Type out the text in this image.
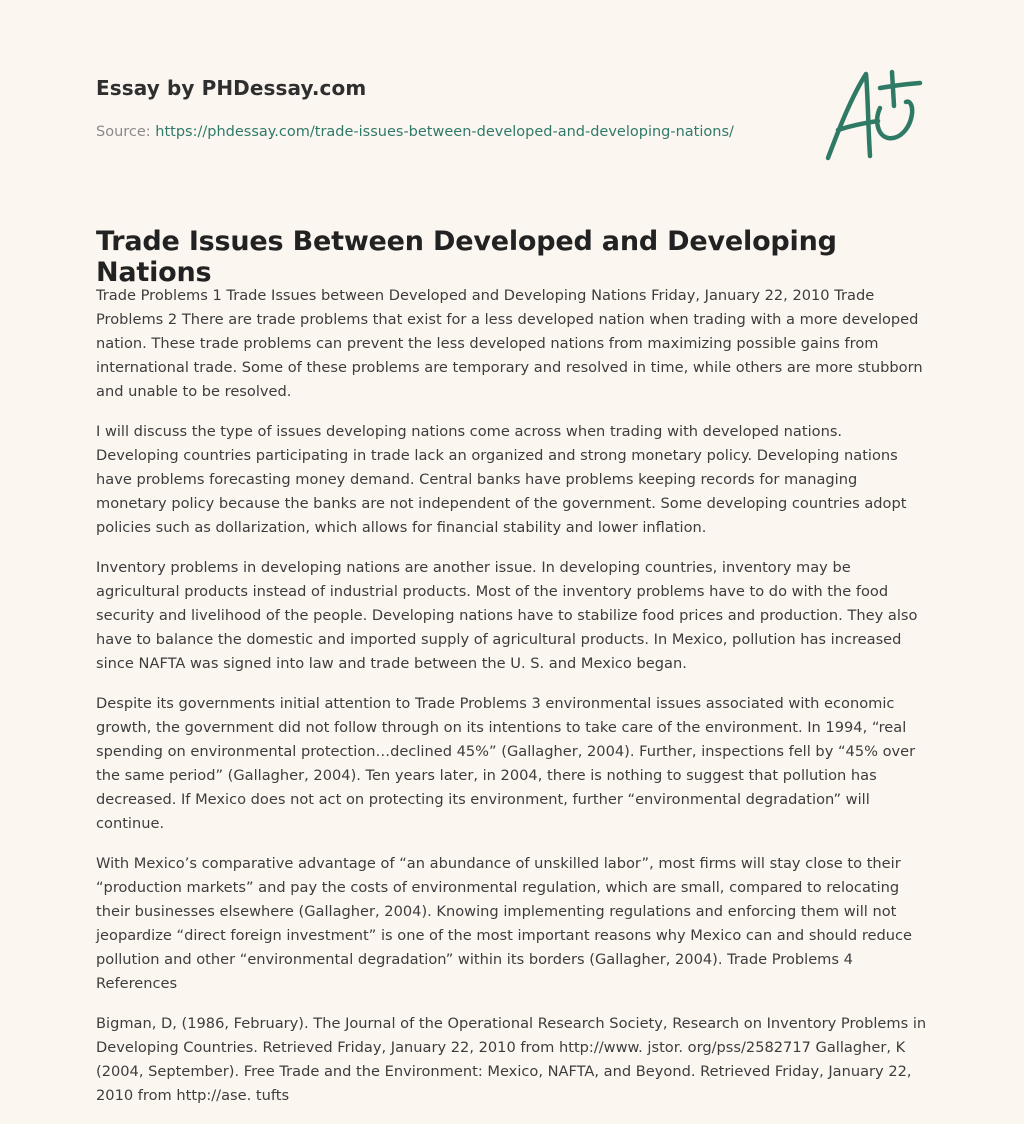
Essay by PHDessay.com
Source: https://phdessay.com/trade-issues-between-developed-and-developing-nations/
Trade Issues Between Developed and Developing Nations

Trade Problems 1 Trade Issues between Developed and Developing Nations Friday, January 22, 2010 Trade Problems 2 There are trade problems that exist for a less developed nation when trading with a more developed nation. These trade problems can prevent the less developed nations from maximizing possible gains from international trade. Some of these problems are temporary and resolved in time, while others are more stubborn and unable to be resolved.

I will discuss the type of issues developing nations come across when trading with developed nations. Developing countries participating in trade lack an organized and strong monetary policy. Developing nations have problems forecasting money demand. Central banks have problems keeping records for managing monetary policy because the banks are not independent of the government. Some developing countries adopt policies such as dollarization, which allows for financial stability and lower inflation.

Inventory problems in developing nations are another issue. In developing countries, inventory may be agricultural products instead of industrial products. Most of the inventory problems have to do with the food security and livelihood of the people. Developing nations have to stabilize food prices and production. They also have to balance the domestic and imported supply of agricultural products. In Mexico, pollution has increased since NAFTA was signed into law and trade between the U. S. and Mexico began.

Despite its governments initial attention to Trade Problems 3 environmental issues associated with economic growth, the government did not follow through on its intentions to take care of the environment. In 1994, “real spending on environmental protection…declined 45%” (Gallagher, 2004). Further, inspections fell by “45% over the same period” (Gallagher, 2004). Ten years later, in 2004, there is nothing to suggest that pollution has decreased. If Mexico does not act on protecting its environment, further “environmental degradation” will continue.

With Mexico’s comparative advantage of “an abundance of unskilled labor”, most firms will stay close to their “production markets” and pay the costs of environmental regulation, which are small, compared to relocating their businesses elsewhere (Gallagher, 2004). Knowing implementing regulations and enforcing them will not jeopardize “direct foreign investment” is one of the most important reasons why Mexico can and should reduce pollution and other “environmental degradation” within its borders (Gallagher, 2004). Trade Problems 4 References

Bigman, D, (1986, February). The Journal of the Operational Research Society, Research on Inventory Problems in Developing Countries. Retrieved Friday, January 22, 2010 from http://www. jstor. org/pss/2582717 Gallagher, K (2004, September). Free Trade and the Environment: Mexico, NAFTA, and Beyond. Retrieved Friday, January 22, 2010 from http://ase. tufts
